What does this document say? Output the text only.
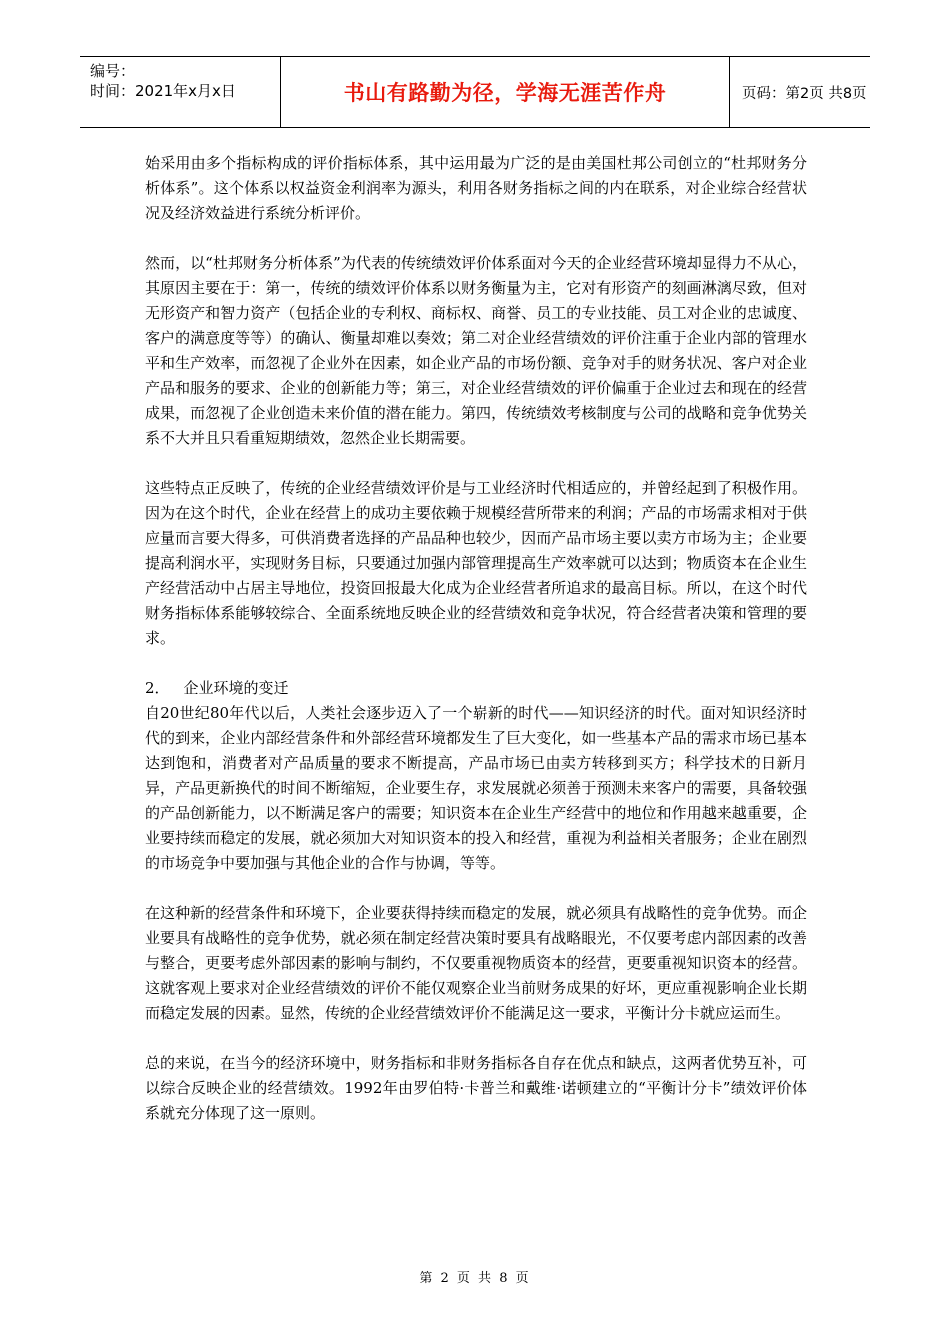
编号：
时间：2021年x月x日	书山有路勤为径，学海无涯苦作舟	页码：第2页 共8页

始采用由多个指标构成的评价指标体系，其中运用最为广泛的是由美国杜邦公司创立的“杜邦财务分析体系”。这个体系以权益资金利润率为源头，利用各财务指标之间的内在联系，对企业综合经营状况及经济效益进行系统分析评价。

然而，以“杜邦财务分析体系”为代表的传统绩效评价体系面对今天的企业经营环境却显得力不从心，其原因主要在于：第一，传统的绩效评价体系以财务衡量为主，它对有形资产的刻画淋漓尽致，但对无形资产和智力资产（包括企业的专利权、商标权、商誉、员工的专业技能、员工对企业的忠诚度、客户的满意度等等）的确认、衡量却难以奏效；第二对企业经营绩效的评价注重于企业内部的管理水平和生产效率，而忽视了企业外在因素，如企业产品的市场份额、竞争对手的财务状况、客户对企业产品和服务的要求、企业的创新能力等；第三，对企业经营绩效的评价偏重于企业过去和现在的经营成果，而忽视了企业创造未来价值的潜在能力。第四，传统绩效考核制度与公司的战略和竞争优势关系不大并且只看重短期绩效，忽然企业长期需要。

这些特点正反映了，传统的企业经营绩效评价是与工业经济时代相适应的，并曾经起到了积极作用。因为在这个时代，企业在经营上的成功主要依赖于规模经营所带来的利润；产品的市场需求相对于供应量而言要大得多，可供消费者选择的产品品种也较少，因而产品市场主要以卖方市场为主；企业要提高利润水平，实现财务目标，只要通过加强内部管理提高生产效率就可以达到；物质资本在企业生产经营活动中占居主导地位，投资回报最大化成为企业经营者所追求的最高目标。所以，在这个时代财务指标体系能够较综合、全面系统地反映企业的经营绩效和竞争状况，符合经营者决策和管理的要求。

2． 企业环境的变迁

自20世纪80年代以后，人类社会逐步迈入了一个崭新的时代——知识经济的时代。面对知识经济时代的到来，企业内部经营条件和外部经营环境都发生了巨大变化，如一些基本产品的需求市场已基本达到饱和，消费者对产品质量的要求不断提高，产品市场已由卖方转移到买方；科学技术的日新月异，产品更新换代的时间不断缩短，企业要生存，求发展就必须善于预测未来客户的需要，具备较强的产品创新能力，以不断满足客户的需要；知识资本在企业生产经营中的地位和作用越来越重要，企业要持续而稳定的发展，就必须加大对知识资本的投入和经营，重视为利益相关者服务；企业在剧烈的市场竞争中要加强与其他企业的合作与协调，等等。

在这种新的经营条件和环境下，企业要获得持续而稳定的发展，就必须具有战略性的竞争优势。而企业要具有战略性的竞争优势，就必须在制定经营决策时要具有战略眼光，不仅要考虑内部因素的改善与整合，更要考虑外部因素的影响与制约，不仅要重视物质资本的经营，更要重视知识资本的经营。这就客观上要求对企业经营绩效的评价不能仅观察企业当前财务成果的好坏，更应重视影响企业长期而稳定发展的因素。显然，传统的企业经营绩效评价不能满足这一要求，平衡计分卡就应运而生。

总的来说，在当今的经济环境中，财务指标和非财务指标各自存在优点和缺点，这两者优势互补，可以综合反映企业的经营绩效。1992年由罗伯特·卡普兰和戴维·诺顿建立的“平衡计分卡”绩效评价体系就充分体现了这一原则。

第 2 页 共 8 页
